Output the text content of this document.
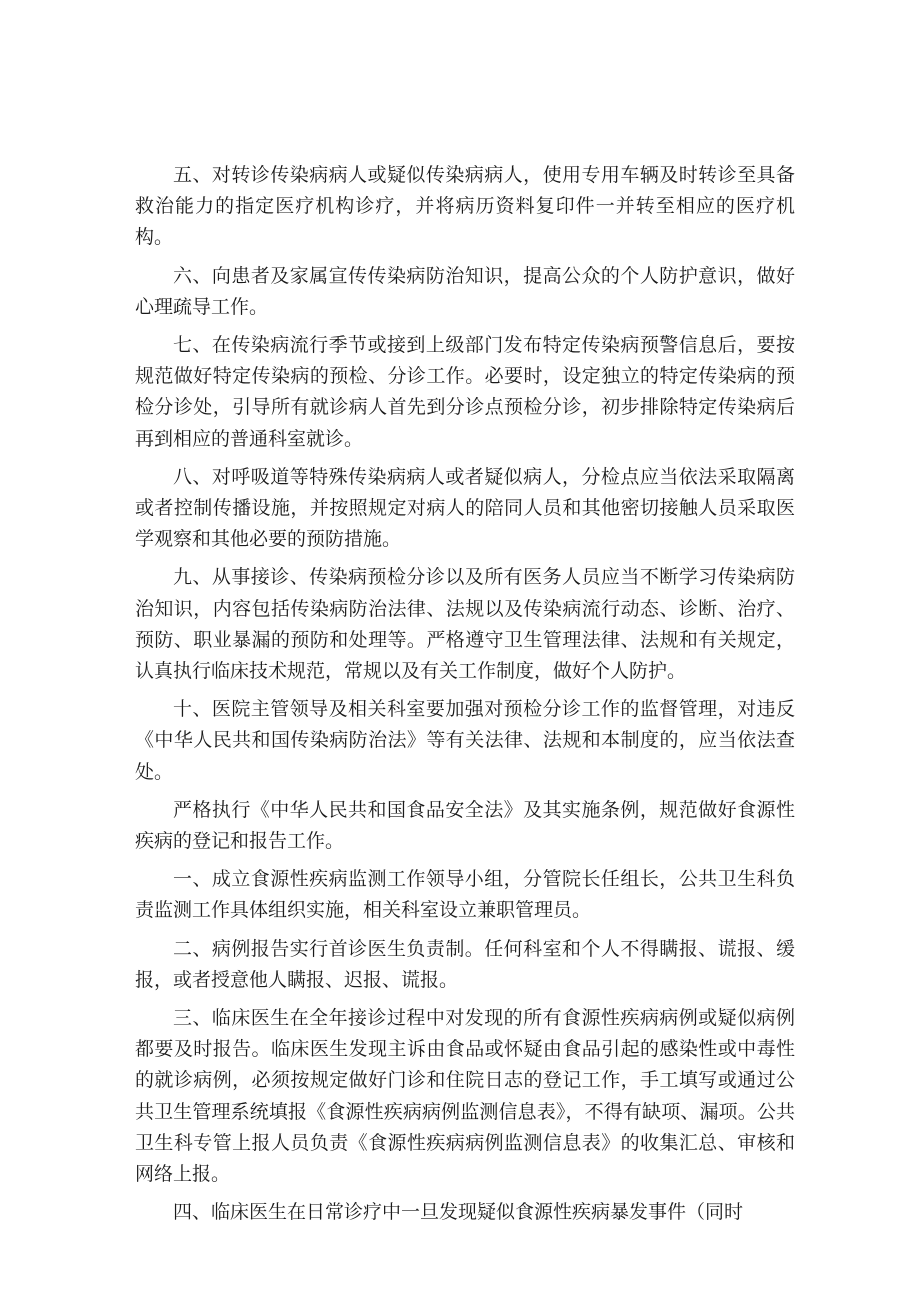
五、对转诊传染病病人或疑似传染病病人，使用专用车辆及时转诊至具备救治能力的指定医疗机构诊疗，并将病历资料复印件一并转至相应的医疗机构。

六、向患者及家属宣传传染病防治知识，提高公众的个人防护意识，做好心理疏导工作。

七、在传染病流行季节或接到上级部门发布特定传染病预警信息后，要按规范做好特定传染病的预检、分诊工作。必要时，设定独立的特定传染病的预检分诊处，引导所有就诊病人首先到分诊点预检分诊，初步排除特定传染病后再到相应的普通科室就诊。

八、对呼吸道等特殊传染病病人或者疑似病人，分检点应当依法采取隔离或者控制传播设施，并按照规定对病人的陪同人员和其他密切接触人员采取医学观察和其他必要的预防措施。

九、从事接诊、传染病预检分诊以及所有医务人员应当不断学习传染病防治知识，内容包括传染病防治法律、法规以及传染病流行动态、诊断、治疗、预防、职业暴漏的预防和处理等。严格遵守卫生管理法律、法规和有关规定，认真执行临床技术规范，常规以及有关工作制度，做好个人防护。

十、医院主管领导及相关科室要加强对预检分诊工作的监督管理，对违反《中华人民共和国传染病防治法》等有关法律、法规和本制度的，应当依法查处。

严格执行《中华人民共和国食品安全法》及其实施条例，规范做好食源性疾病的登记和报告工作。

一、成立食源性疾病监测工作领导小组，分管院长任组长，公共卫生科负责监测工作具体组织实施，相关科室设立兼职管理员。

二、病例报告实行首诊医生负责制。任何科室和个人不得瞒报、谎报、缓报，或者授意他人瞒报、迟报、谎报。

三、临床医生在全年接诊过程中对发现的所有食源性疾病病例或疑似病例都要及时报告。临床医生发现主诉由食品或怀疑由食品引起的感染性或中毒性的就诊病例，必须按规定做好门诊和住院日志的登记工作，手工填写或通过公共卫生管理系统填报《食源性疾病病例监测信息表》，不得有缺项、漏项。公共卫生科专管上报人员负责《食源性疾病病例监测信息表》的收集汇总、审核和网络上报。

四、临床医生在日常诊疗中一旦发现疑似食源性疾病暴发事件（同时
